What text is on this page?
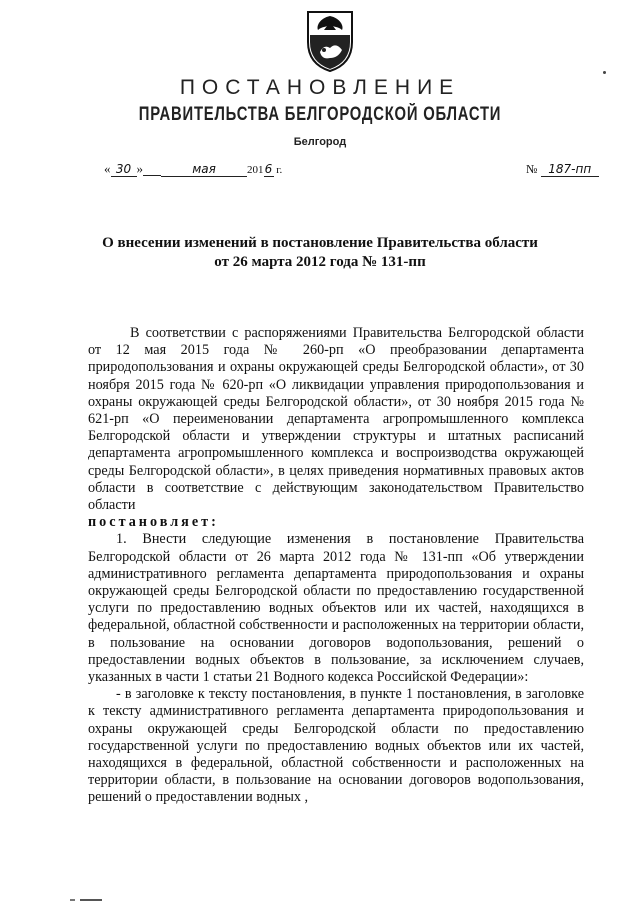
ПОСТАНОВЛЕНИЕ
ПРАВИТЕЛЬСТВА БЕЛГОРОДСКОЙ ОБЛАСТИ
Белгород
« 30 »	мая	2016 г.	№ 187-пп
О внесении изменений в постановление Правительства области
от 26 марта 2012 года № 131-пп

В соответствии с распоряжениями Правительства Белгородской области от 12 мая 2015 года № 260-рп «О преобразовании департамента природопользования и охраны окружающей среды Белгородской области», от 30 ноября 2015 года № 620-рп «О ликвидации управления природопользования и охраны окружающей среды Белгородской области», от 30 ноября 2015 года № 621-рп «О переименовании департамента агропромышленного комплекса Белгородской области и утверждении структуры и штатных расписаний департамента агропромышленного комплекса и воспроизводства окружающей среды Белгородской области», в целях приведения нормативных правовых актов области в соответствие с действующим законодательством Правительство области

постановляет:

1. Внести следующие изменения в постановление Правительства Белгородской области от 26 марта 2012 года № 131-пп «Об утверждении административного регламента департамента природопользования и охраны окружающей среды Белгородской области по предоставлению государственной услуги по предоставлению водных объектов или их частей, находящихся в федеральной, областной собственности и расположенных на территории области, в пользование на основании договоров водопользования, решений о предоставлении водных объектов в пользование, за исключением случаев, указанных в части 1 статьи 21 Водного кодекса Российской Федерации»:

- в заголовке к тексту постановления, в пункте 1 постановления, в заголовке к тексту административного регламента департамента природопользования и охраны окружающей среды Белгородской области по предоставлению государственной услуги по предоставлению водных объектов или их частей, находящихся в федеральной, областной собственности и расположенных на территории области, в пользование на основании договоров водопользования, решений о предоставлении водных ,
